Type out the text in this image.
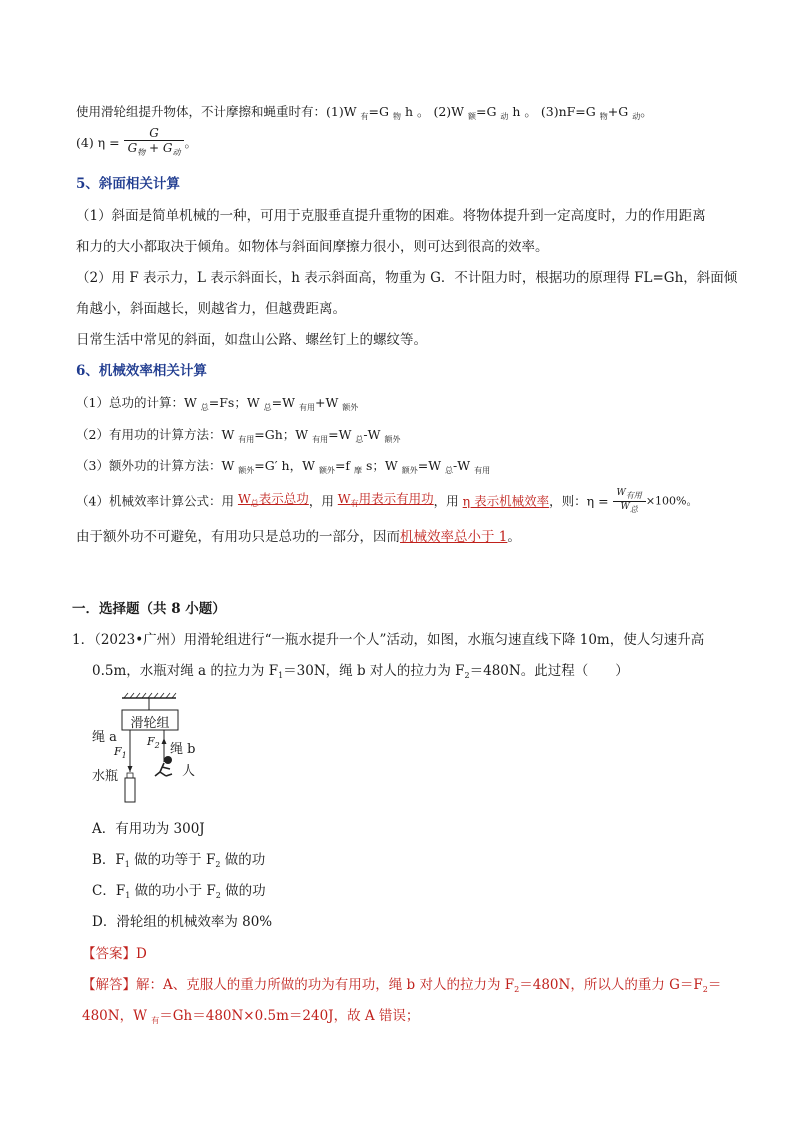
使用滑轮组提升物体，不计摩擦和蝇重时有：(1)W $_有$=G $_物$ h 。 (2)W $_额$=G $_动$ h 。 (3)nF=G $_物$+G $_动$。
(4) $\eta = \frac{G}{G_物 + G_动}$ 。
5、斜面相关计算
（1）斜面是简单机械的一种，可用于克服垂直提升重物的困难。将物体提升到一定高度时，力的作用距离
和力的大小都取决于倾角。如物体与斜面间摩擦力很小，则可达到很高的效率。
（2）用 F 表示力，L 表示斜面长，h 表示斜面高，物重为 G．不计阻力时，根据功的原理得 FL=Gh，斜面倾
角越小，斜面越长，则越省力，但越费距离。
日常生活中常见的斜面，如盘山公路、螺丝钉上的螺纹等。
6、机械效率相关计算
（1）总功的计算：W $_总$=Fs；W $_总$=W $_{有用}$+W $_{额外}$
（2）有用功的计算方法：W $_{有用}$=Gh；W $_{有用}$=W $_总$-W $_{额外}$
（3）额外功的计算方法：W $_{额外}$=G′ h，W $_{额外}$=f $_摩$ s；W $_{额外}$=W $_总$-W $_{有用}$
（4）机械效率计算公式：用 $W_总$表示总功，用 $W_有$用表示有用功，用 η 表示机械效率，则：$\eta = \frac{\text{W有用}}{\text{W总}} \times 100\%$。
由于额外功不可避免，有用功只是总功的一部分，因而机械效率总小于 1。
一．选择题（共 8 小题）
1．（2023•广州）用滑轮组进行“一瓶水提升一个人”活动，如图，水瓶匀速直线下降 10m，使人匀速升高
0.5m，水瓶对绳 a 的拉力为 $F_1=30N$，绳 b 对人的拉力为 $F_2=480N$。此过程（　　）
滑轮组
绳 a
$F_1$
$F_2$ 绳 b
水瓶	人
A．有用功为 300J
B．$F_1$ 做的功等于 $F_2$ 做的功
C．$F_1$ 做的功小于 $F_2$ 做的功
D．滑轮组的机械效率为 80%
【答案】D
【解答】解：A、克服人的重力所做的功为有用功，绳 b 对人的拉力为 $F_2=480N$，所以人的重力 $G=F_2=$
480N，W $_有$＝Gh＝480N×0.5m＝240J，故 A 错误；
